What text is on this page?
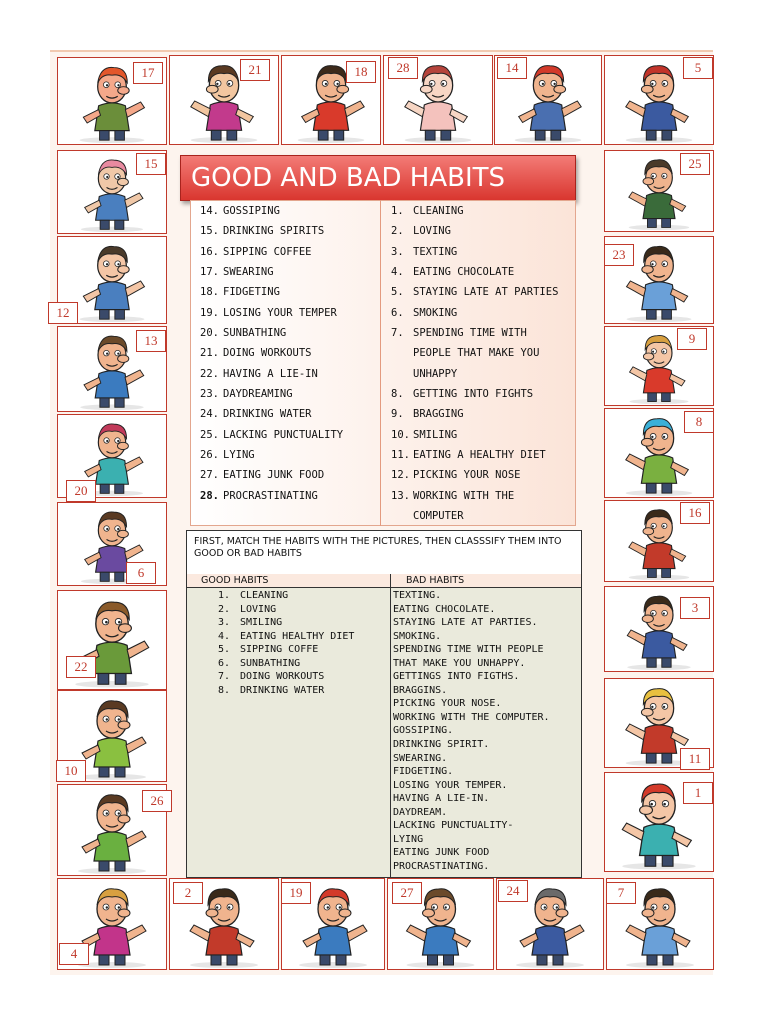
17	21	18	28	14	5
15	25
12
23
13	9
20
8
6
16
22
3
10
11
26
1
4
2	19	27	24	7
GOOD AND BAD HABITS
14. GOSSIPING
15. DRINKING SPIRITS
16. SIPPING COFFEE
17. SWEARING
18. FIDGETING
19. LOSING YOUR TEMPER
20. SUNBATHING
21. DOING WORKOUTS
22. HAVING A LIE-IN
23. DAYDREAMING
24. DRINKING WATER
25. LACKING PUNCTUALITY
26. LYING
27. EATING JUNK FOOD
28. PROCRASTINATING
1. CLEANING
2. LOVING
3. TEXTING
4. EATING CHOCOLATE
5. STAYING LATE AT PARTIES
6. SMOKING
7. SPENDING TIME WITH
PEOPLE THAT MAKE YOU
UNHAPPY
8. GETTING INTO FIGHTS
9. BRAGGING
10. SMILING
11. EATING A HEALTHY DIET
12. PICKING YOUR NOSE
13. WORKING WITH THE
COMPUTER
FIRST, MATCH THE HABITS WITH THE PICTURES, THEN CLASSSIFY THEM INTO GOOD OR BAD HABITS
GOOD HABITS	BAD HABITS
1. CLEANING
2. LOVING
3. SMILING
4. EATING HEALTHY DIET
5. SIPPING COFFE
6. SUNBATHING
7. DOING WORKOUTS
8. DRINKING WATER
TEXTING.
EATING CHOCOLATE.
STAYING LATE AT PARTIES.
SMOKING.
SPENDING TIME WITH PEOPLE
THAT MAKE YOU UNHAPPY.
GETTINGS INTO FIGTHS.
BRAGGINS.
PICKING YOUR NOSE.
WORKING WITH THE COMPUTER.
GOSSIPING.
DRINKING SPIRIT.
SWEARING.
FIDGETING.
LOSING YOUR TEMPER.
HAVING A LIE-IN.
DAYDREAM.
LACKING PUNCTUALITY-
LYING
EATING JUNK FOOD
PROCRASTINATING.
